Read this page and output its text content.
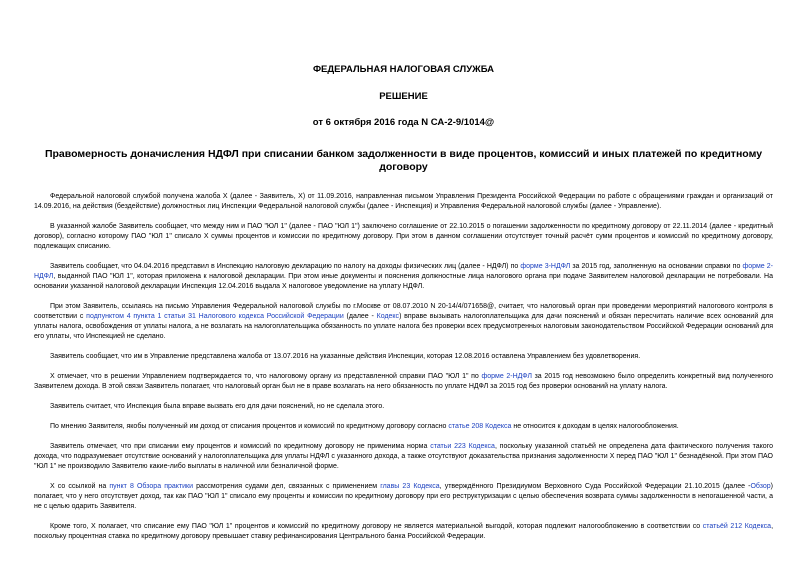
ФЕДЕРАЛЬНАЯ НАЛОГОВАЯ СЛУЖБА
РЕШЕНИЕ
от 6 октября 2016 года N СА-2-9/1014@
Правомерность доначисления НДФЛ при списании банком задолженности в виде процентов, комиссий и иных платежей по кредитному договору

Федеральной налоговой службой получена жалоба Х (далее - Заявитель, Х) от 11.09.2016, направленная письмом Управления Президента Российской Федерации по работе с обращениями граждан и организаций от 14.09.2016, на действия (бездействие) должностных лиц Инспекции Федеральной налоговой службы (далее - Инспекция) и Управления Федеральной налоговой службы (далее - Управление).

В указанной жалобе Заявитель сообщает, что между ним и ПАО "ЮЛ 1" (далее - ПАО "ЮЛ 1") заключено соглашение от 22.10.2015 о погашении задолженности по кредитному договору от 22.11.2014 (далее - кредитный договор), согласно которому ПАО "ЮЛ 1" списало Х суммы процентов и комиссии по кредитному договору. При этом в данном соглашении отсутствует точный расчёт сумм процентов и комиссий по кредитному договору, подлежащих списанию.

Заявитель сообщает, что 04.04.2016 представил в Инспекцию налоговую декларацию по налогу на доходы физических лиц (далее - НДФЛ) по форме 3-НДФЛ за 2015 год, заполненную на основании справки по форме 2-НДФЛ, выданной ПАО "ЮЛ 1", которая приложена к налоговой декларации. При этом иные документы и пояснения должностные лица налогового органа при подаче Заявителем налоговой декларации не потребовали. На основании указанной налоговой декларации Инспекция 12.04.2016 выдала Х налоговое уведомление на уплату НДФЛ.

При этом Заявитель, ссылаясь на письмо Управления Федеральной налоговой службы по г.Москве от 08.07.2010 N 20-14/4/071658@, считает, что налоговый орган при проведении мероприятий налогового контроля в соответствии с подпунктом 4 пункта 1 статьи 31 Налогового кодекса Российской Федерации (далее - Кодекс) вправе вызывать налогоплательщика для дачи пояснений и обязан пересчитать наличие всех оснований для уплаты налога, освобождения от уплаты налога, а не возлагать на налогоплательщика обязанность по уплате налога без проверки всех предусмотренных налоговым законодательством Российской Федерации оснований для его уплаты, что Инспекцией не сделано.

Заявитель сообщает, что им в Управление представлена жалоба от 13.07.2016 на указанные действия Инспекции, которая 12.08.2016 оставлена Управлением без удовлетворения.

Х отмечает, что в решении Управлением подтверждается то, что налоговому органу из представленной справки ПАО "ЮЛ 1" по форме 2-НДФЛ за 2015 год невозможно было определить конкретный вид полученного Заявителем дохода. В этой связи Заявитель полагает, что налоговый орган был не в праве возлагать на него обязанность по уплате НДФЛ за 2015 год без проверки оснований на уплату налога.

Заявитель считает, что Инспекция была вправе вызвать его для дачи пояснений, но не сделала этого.

По мнению Заявителя, якобы полученный им доход от списания процентов и комиссий по кредитному договору согласно статье 208 Кодекса не относится к доходам в целях налогообложения.

Заявитель отмечает, что при списании ему процентов и комиссий по кредитному договору не применима норма статьи 223 Кодекса, поскольку указанной статьёй не определена дата фактического получения такого дохода, что подразумевает отсутствие оснований у налогоплательщика для уплаты НДФЛ с указанного дохода, а также отсутствуют доказательства признания задолженности Х перед ПАО "ЮЛ 1" безнадёжной. При этом ПАО "ЮЛ 1" не производило Заявителю какие-либо выплаты в наличной или безналичной форме.

Х со ссылкой на пункт 8 Обзора практики рассмотрения судами дел, связанных с применением главы 23 Кодекса, утверждённого Президиумом Верховного Суда Российской Федерации 21.10.2015 (далее -Обзор) полагает, что у него отсутствует доход, так как ПАО "ЮЛ 1" списало ему проценты и комиссии по кредитному договору при его реструктуризации с целью обеспечения возврата суммы задолженности в непогашенной части, а не с целью одарить Заявителя.

Кроме того, Х полагает, что списание ему ПАО "ЮЛ 1" процентов и комиссий по кредитному договору не является материальной выгодой, которая подлежит налогообложению в соответствии со статьёй 212 Кодекса, поскольку процентная ставка по кредитному договору превышает ставку рефинансирования Центрального банка Российской Федерации.
